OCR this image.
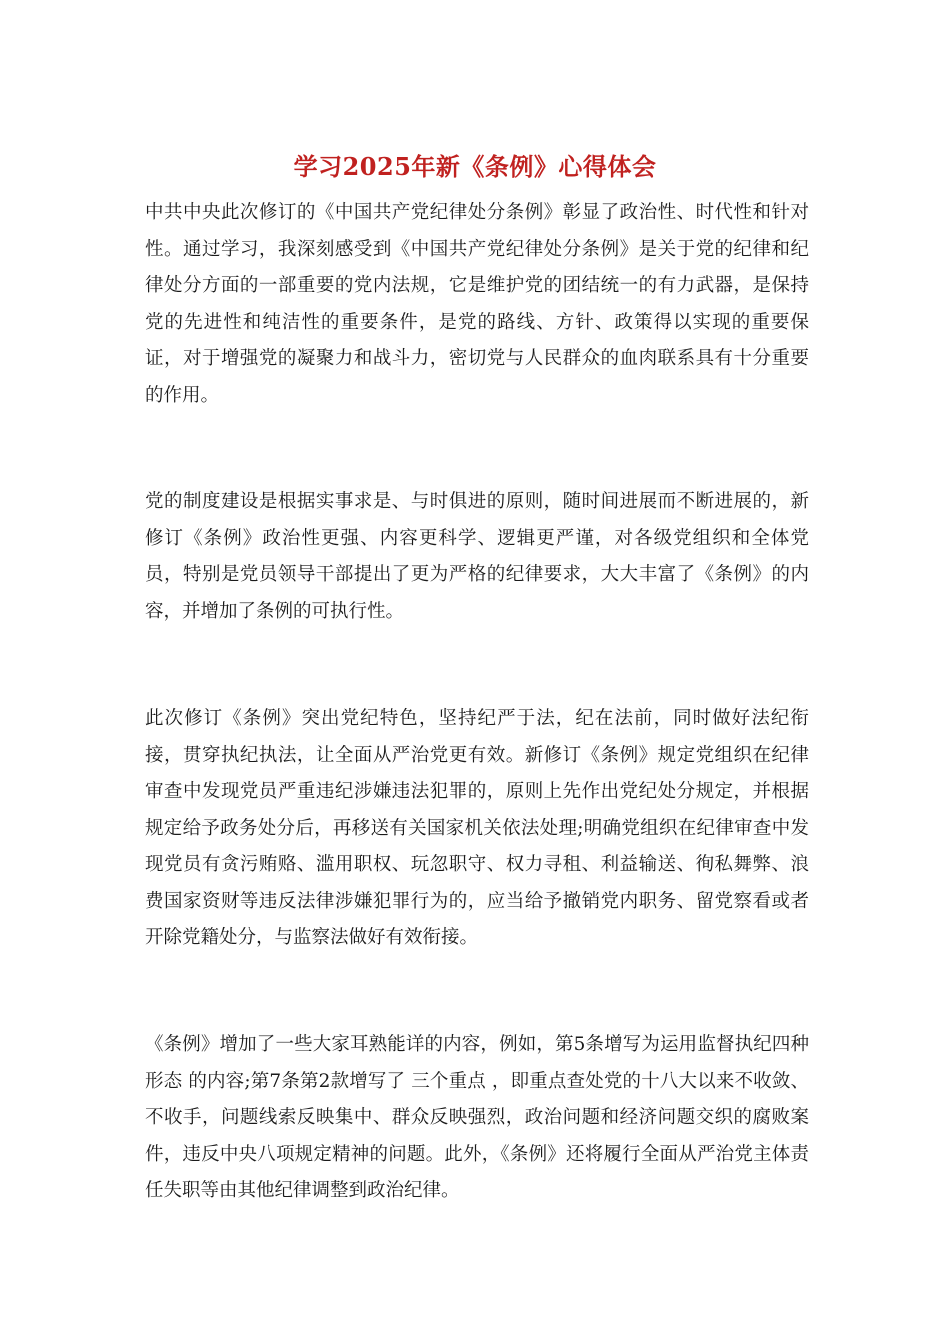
学习2025年新《条例》心得体会

中共中央此次修订的《中国共产党纪律处分条例》彰显了政治性、时代性和针对性。通过学习，我深刻感受到《中国共产党纪律处分条例》是关于党的纪律和纪律处分方面的一部重要的党内法规，它是维护党的团结统一的有力武器，是保持党的先进性和纯洁性的重要条件，是党的路线、方针、政策得以实现的重要保证，对于增强党的凝聚力和战斗力，密切党与人民群众的血肉联系具有十分重要的作用。

党的制度建设是根据实事求是、与时俱进的原则，随时间进展而不断进展的，新修订《条例》政治性更强、内容更科学、逻辑更严谨，对各级党组织和全体党员，特别是党员领导干部提出了更为严格的纪律要求，大大丰富了《条例》的内容，并增加了条例的可执行性。

此次修订《条例》突出党纪特色，坚持纪严于法，纪在法前，同时做好法纪衔接，贯穿执纪执法，让全面从严治党更有效。新修订《条例》规定党组织在纪律审查中发现党员严重违纪涉嫌违法犯罪的，原则上先作出党纪处分规定，并根据规定给予政务处分后，再移送有关国家机关依法处理;明确党组织在纪律审查中发现党员有贪污贿赂、滥用职权、玩忽职守、权力寻租、利益输送、徇私舞弊、浪费国家资财等违反法律涉嫌犯罪行为的，应当给予撤销党内职务、留党察看或者开除党籍处分，与监察法做好有效衔接。

《条例》增加了一些大家耳熟能详的内容，例如，第5条增写为运用监督执纪四种形态 的内容;第7条第2款增写了 三个重点 ，即重点查处党的十八大以来不收敛、不收手，问题线索反映集中、群众反映强烈，政治问题和经济问题交织的腐败案件，违反中央八项规定精神的问题。此外，《条例》还将履行全面从严治党主体责任失职等由其他纪律调整到政治纪律。
